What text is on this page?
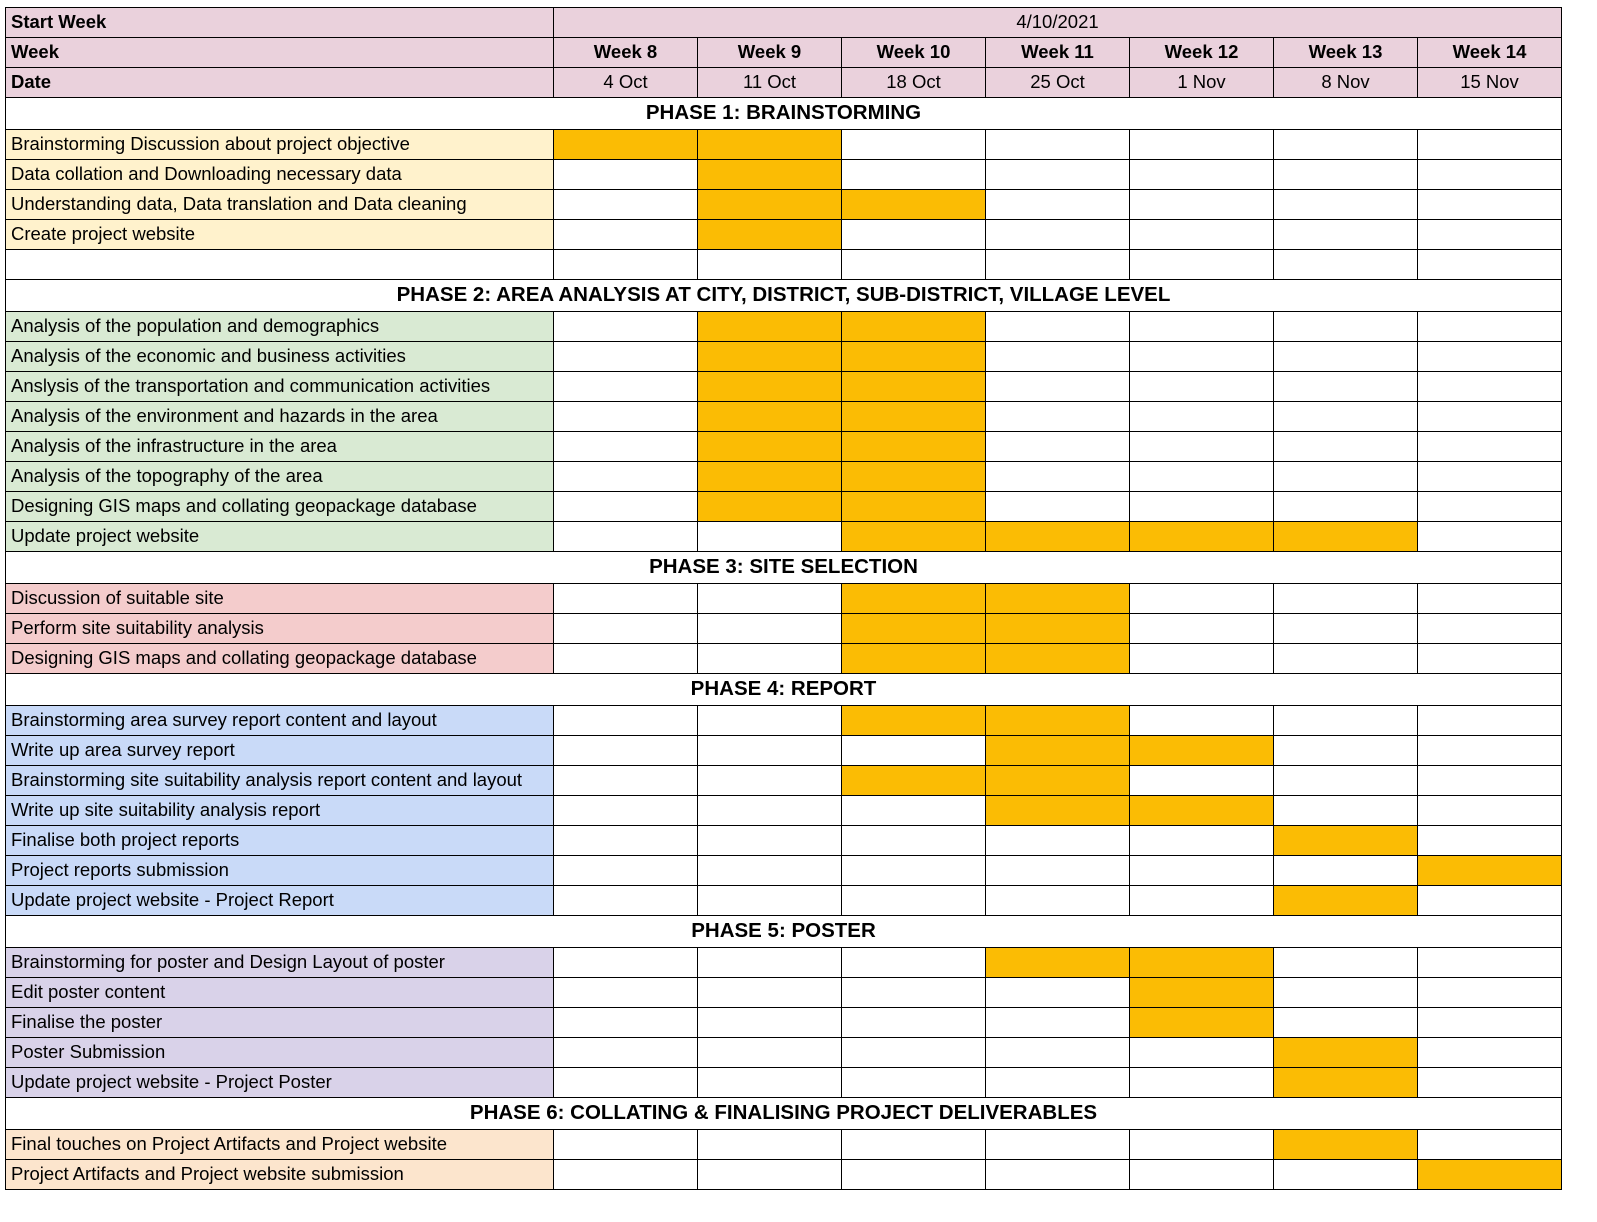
Start Week	4/10/2021						
Week	Week 8	Week 9	Week 10	Week 11	Week 12	Week 13	Week 14
Date	4 Oct	11 Oct	18 Oct	25 Oct	1 Nov	8 Nov	15 Nov
PHASE 1: BRAINSTORMING							
Brainstorming Discussion about project objective							
Data collation and Downloading necessary data							
Understanding data, Data translation and Data cleaning							
Create project website							

PHASE 2: AREA ANALYSIS AT CITY, DISTRICT, SUB-DISTRICT, VILLAGE LEVEL							
Analysis of the population and demographics							
Analysis of the economic and business activities							
Anslysis of the transportation and communication activities							
Analysis of the environment and hazards in the area							
Analysis of the infrastructure in the area							
Analysis of the topography of the area							
Designing GIS maps and collating geopackage database							
Update project website							
PHASE 3: SITE SELECTION							
Discussion of suitable site							
Perform site suitability analysis							
Designing GIS maps and collating geopackage database							
PHASE 4: REPORT							
Brainstorming area survey report content and layout							
Write up area survey report							
Brainstorming site suitability analysis report content and layout							
Write up site suitability analysis report							
Finalise both project reports							
Project reports submission							
Update project website - Project Report							
PHASE 5: POSTER							
Brainstorming for poster and Design Layout of poster							
Edit poster content							
Finalise the poster							
Poster Submission							
Update project website - Project Poster							
PHASE 6: COLLATING & FINALISING PROJECT DELIVERABLES							
Final touches on Project Artifacts and Project website							
Project Artifacts and Project website submission							
